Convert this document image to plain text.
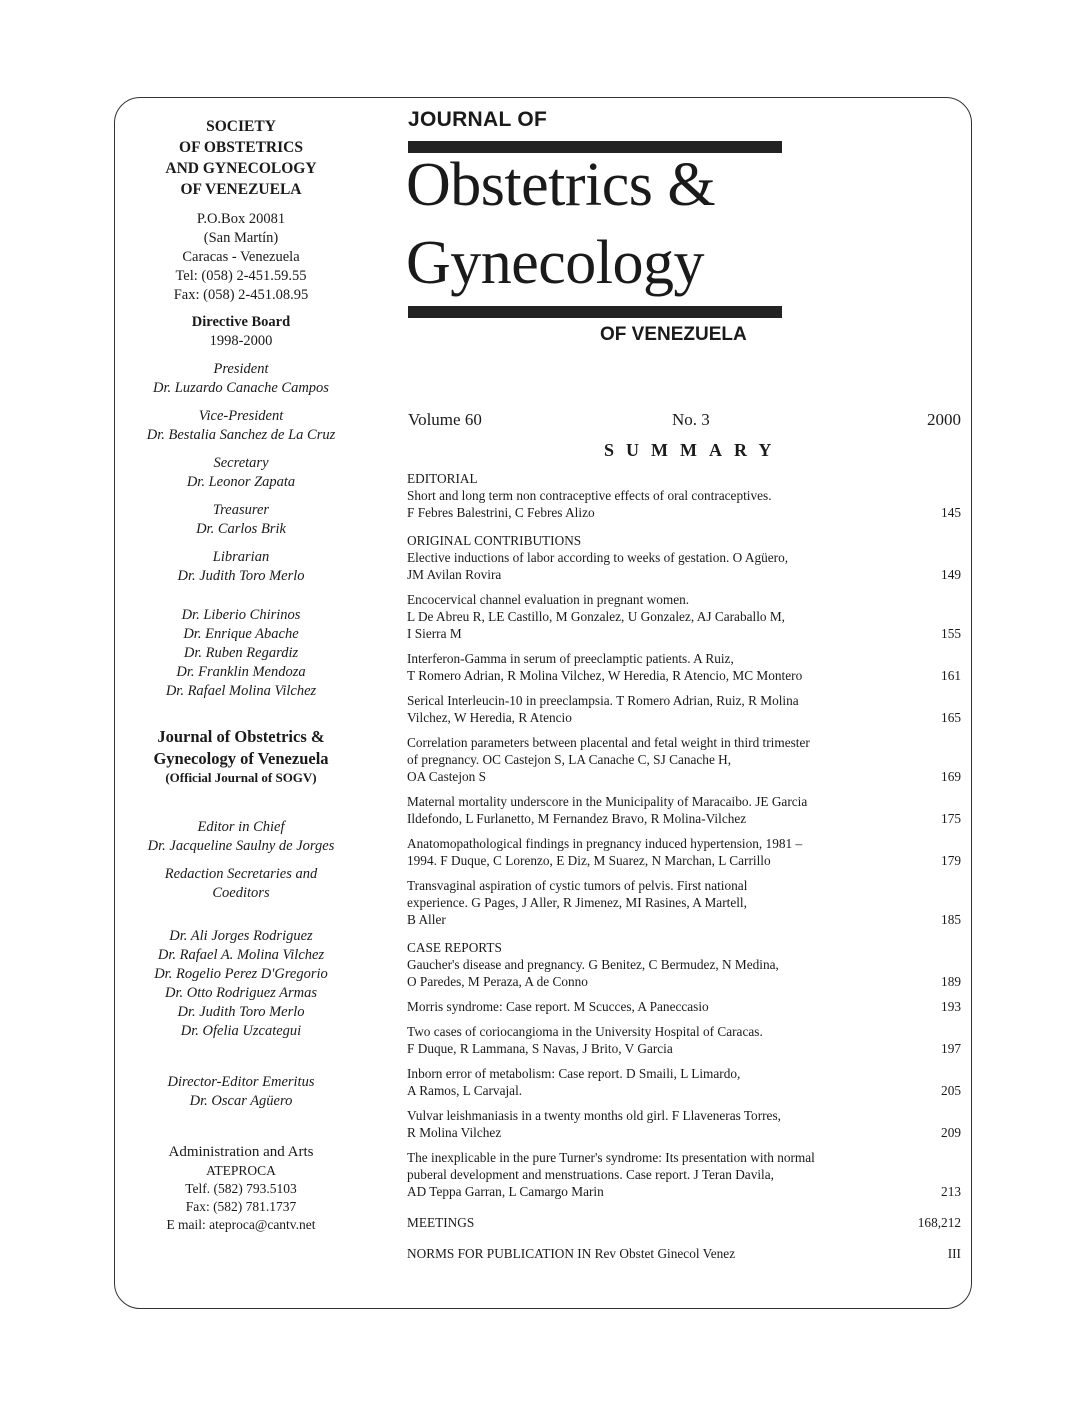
SOCIETY
OF OBSTETRICS
AND GYNECOLOGY
OF VENEZUELA
P.O.Box 20081
(San Martín)
Caracas - Venezuela
Tel: (058) 2-451.59.55
Fax: (058) 2-451.08.95
Directive Board
1998-2000
President
Dr. Luzardo Canache Campos
Vice-President
Dr. Bestalia Sanchez de La Cruz
Secretary
Dr. Leonor Zapata
Treasurer
Dr. Carlos Brik
Librarian
Dr. Judith Toro Merlo
Dr. Liberio Chirinos
Dr. Enrique Abache
Dr. Ruben Regardiz
Dr. Franklin Mendoza
Dr. Rafael Molina Vilchez
Journal of Obstetrics &
Gynecology of Venezuela
(Official Journal of SOGV)
Editor in Chief
Dr. Jacqueline Saulny de Jorges
Redaction Secretaries and
Coeditors
Dr. Ali Jorges Rodriguez
Dr. Rafael A. Molina Vilchez
Dr. Rogelio Perez D'Gregorio
Dr. Otto Rodriguez Armas
Dr. Judith Toro Merlo
Dr. Ofelia Uzcategui
Director-Editor Emeritus
Dr. Oscar Agüero
Administration and Arts
ATEPROCA
Telf. (582) 793.5103
Fax: (582) 781.1737
E mail: ateproca@cantv.net
JOURNAL OF
Obstetrics &
Gynecology
OF VENEZUELA
Volume 60	No. 3	2000
SUMMARY
EDITORIAL
Short and long term non contraceptive effects of oral contraceptives.
F Febres Balestrini, C Febres Alizo	145
ORIGINAL CONTRIBUTIONS
Elective inductions of labor according to weeks of gestation. O Agüero,
JM Avilan Rovira	149
Encocervical channel evaluation in pregnant women.
L De Abreu R, LE Castillo, M Gonzalez, U Gonzalez, AJ Caraballo M,
I Sierra M	155
Interferon-Gamma in serum of preeclamptic patients. A Ruiz,
T Romero Adrian, R Molina Vilchez, W Heredia, R Atencio, MC Montero	161
Serical Interleucin-10 in preeclampsia. T Romero Adrian, Ruiz, R Molina
Vilchez, W Heredia, R Atencio	165
Correlation parameters between placental and fetal weight in third trimester
of pregnancy. OC Castejon S, LA Canache C, SJ Canache H,
OA Castejon S	169
Maternal mortality underscore in the Municipality of Maracaibo. JE Garcia
Ildefondo, L Furlanetto, M Fernandez Bravo, R Molina-Vilchez	175
Anatomopathological findings in pregnancy induced hypertension, 1981 –
1994. F Duque, C Lorenzo, E Diz, M Suarez, N Marchan, L Carrillo	179
Transvaginal aspiration of cystic tumors of pelvis. First national
experience. G Pages, J Aller, R Jimenez, MI Rasines, A Martell,
B Aller	185
CASE REPORTS
Gaucher's disease and pregnancy. G Benitez, C Bermudez, N Medina,
O Paredes, M Peraza, A de Conno	189
Morris syndrome: Case report. M Scucces, A Paneccasio	193
Two cases of coriocangioma in the University Hospital of Caracas.
F Duque, R Lammana, S Navas, J Brito, V Garcia	197
Inborn error of metabolism: Case report. D Smaili, L Limardo,
A Ramos, L Carvajal.	205
Vulvar leishmaniasis in a twenty months old girl. F Llaveneras Torres,
R Molina Vilchez	209
The inexplicable in the pure Turner's syndrome: Its presentation with normal
puberal development and menstruations. Case report. J Teran Davila,
AD Teppa Garran, L Camargo Marin	213
MEETINGS	168,212
NORMS FOR PUBLICATION IN Rev Obstet Ginecol Venez	III
